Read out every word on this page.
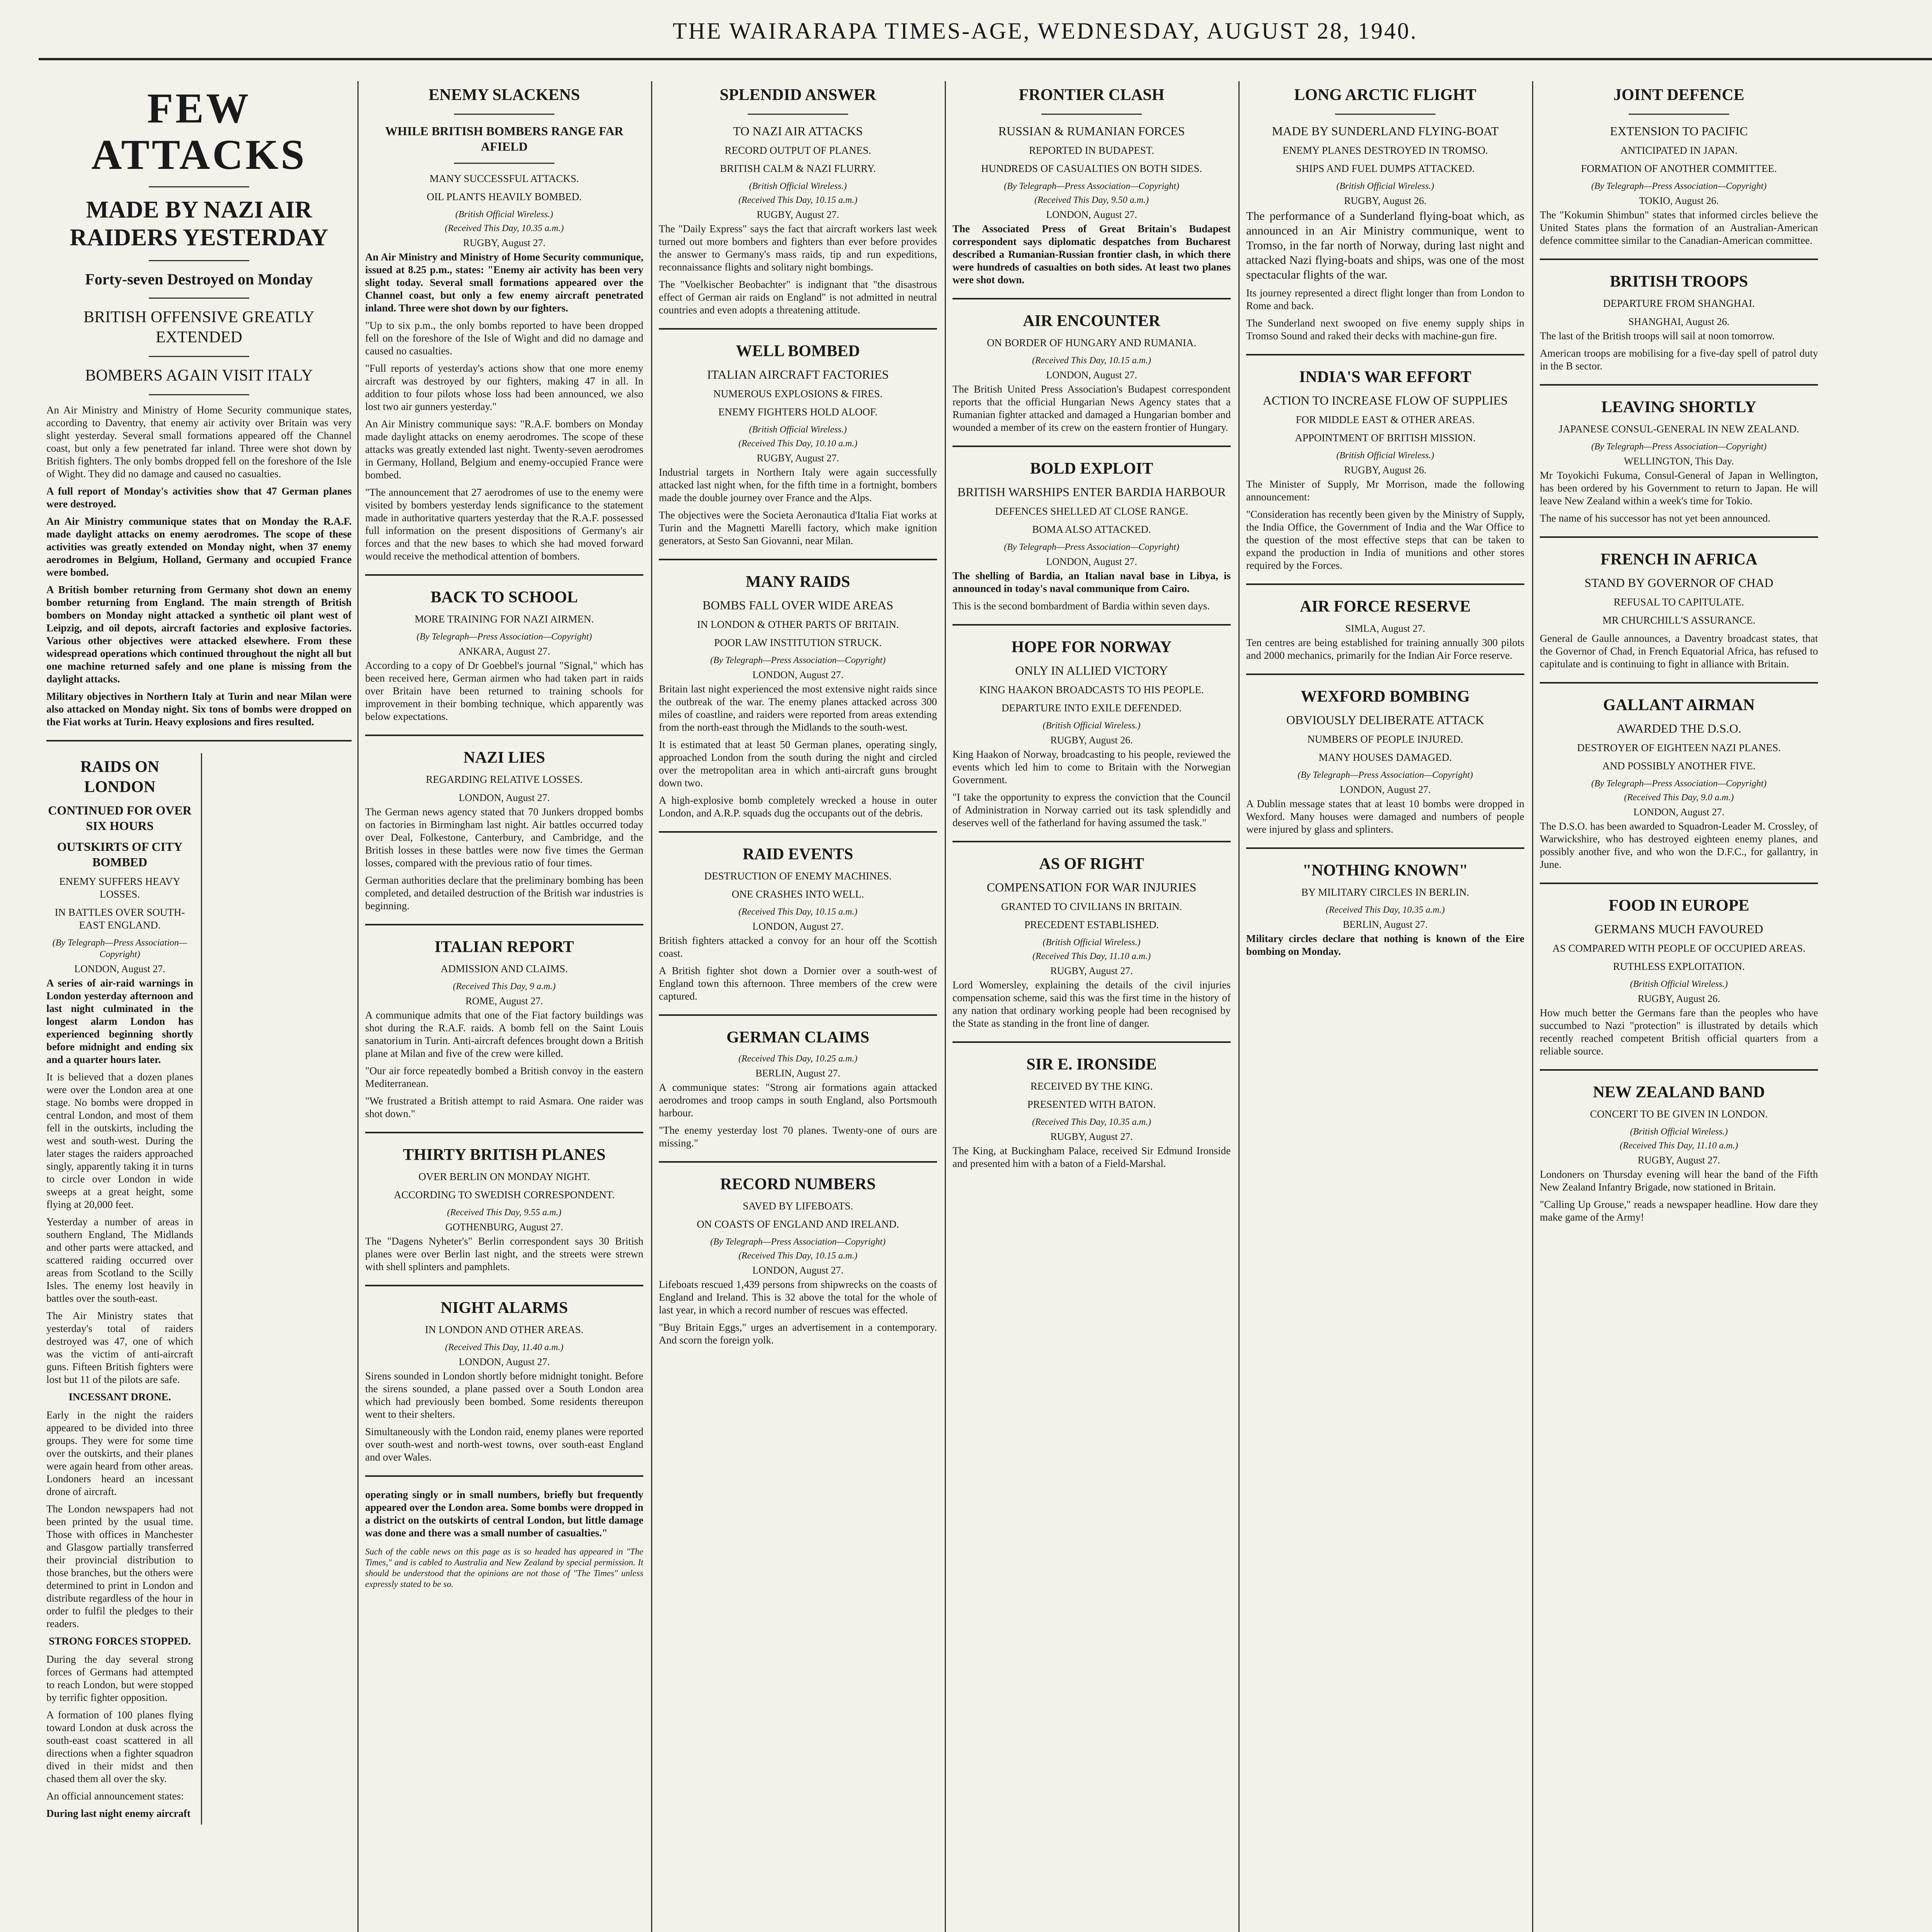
THE WAIRARAPA TIMES-AGE, WEDNESDAY, AUGUST 28, 1940.
FEW ATTACKS
MADE BY NAZI AIR RAIDERS YESTERDAY
Forty-seven Destroyed on Monday
BRITISH OFFENSIVE GREATLY EXTENDED
BOMBERS AGAIN VISIT ITALY

An Air Ministry and Ministry of Home Security communique states, according to Daventry, that enemy air activity over Britain was very slight yesterday. Several small formations appeared off the Channel coast, but only a few penetrated far inland. Three were shot down by British fighters. The only bombs dropped fell on the foreshore of the Isle of Wight. They did no damage and caused no casualties.

A full report of Monday's activities show that 47 German planes were destroyed.

An Air Ministry communique states that on Monday the R.A.F. made daylight attacks on enemy aerodromes. The scope of these activities was greatly extended on Monday night, when 37 enemy aerodromes in Belgium, Holland, Germany and occupied France were bombed.

A British bomber returning from Germany shot down an enemy bomber returning from England. The main strength of British bombers on Monday night attacked a synthetic oil plant west of Leipzig, and oil depots, aircraft factories and explosive factories. Various other objectives were attacked elsewhere. From these widespread operations which continued throughout the night all but one machine returned safely and one plane is missing from the daylight attacks.

Military objectives in Northern Italy at Turin and near Milan were also attacked on Monday night. Six tons of bombs were dropped on the Fiat works at Turin. Heavy explosions and fires resulted.

RAIDS ON LONDON
CONTINUED FOR OVER SIX HOURS
OUTSKIRTS OF CITY BOMBED
ENEMY SUFFERS HEAVY LOSSES.
IN BATTLES OVER SOUTH-EAST ENGLAND.
(By Telegraph—Press Association—Copyright)
LONDON, August 27.

A series of air-raid warnings in London yesterday afternoon and last night culminated in the longest alarm London has experienced beginning shortly before midnight and ending six and a quarter hours later.

It is believed that a dozen planes were over the London area at one stage. No bombs were dropped in central London, and most of them fell in the outskirts, including the west and south-west. During the later stages the raiders approached singly, apparently taking it in turns to circle over London in wide sweeps at a great height, some flying at 20,000 feet.

Yesterday a number of areas in southern England, The Midlands and other parts were attacked, and scattered raiding occurred over areas from Scotland to the Scilly Isles. The enemy lost heavily in battles over the south-east.

The Air Ministry states that yesterday's total of raiders destroyed was 47, one of which was the victim of anti-aircraft guns. Fifteen British fighters were lost but 11 of the pilots are safe.

INCESSANT DRONE.

Early in the night the raiders appeared to be divided into three groups. They were for some time over the outskirts, and their planes were again heard from other areas. Londoners heard an incessant drone of aircraft.

The London newspapers had not been printed by the usual time. Those with offices in Manchester and Glasgow partially transferred their provincial distribution to those branches, but the others were determined to print in London and distribute regardless of the hour in order to fulfil the pledges to their readers.

STRONG FORCES STOPPED.

During the day several strong forces of Germans had attempted to reach London, but were stopped by terrific fighter opposition.

A formation of 100 planes flying toward London at dusk across the south-east coast scattered in all directions when a fighter squadron dived in their midst and then chased them all over the sky.

An official announcement states:

During last night enemy aircraft

ENEMY SLACKENS
WHILE BRITISH BOMBERS RANGE FAR AFIELD
MANY SUCCESSFUL ATTACKS.
OIL PLANTS HEAVILY BOMBED.
(British Official Wireless.)
(Received This Day, 10.35 a.m.)
RUGBY, August 27.

An Air Ministry and Ministry of Home Security communique, issued at 8.25 p.m., states: "Enemy air activity has been very slight today. Several small formations appeared over the Channel coast, but only a few enemy aircraft penetrated inland. Three were shot down by our fighters.

"Up to six p.m., the only bombs reported to have been dropped fell on the foreshore of the Isle of Wight and did no damage and caused no casualties.

"Full reports of yesterday's actions show that one more enemy aircraft was destroyed by our fighters, making 47 in all. In addition to four pilots whose loss had been announced, we also lost two air gunners yesterday."

An Air Ministry communique says: "R.A.F. bombers on Monday made daylight attacks on enemy aerodromes. The scope of these attacks was greatly extended last night. Twenty-seven aerodromes in Germany, Holland, Belgium and enemy-occupied France were bombed.

"The announcement that 27 aerodromes of use to the enemy were visited by bombers yesterday lends significance to the statement made in authoritative quarters yesterday that the R.A.F. possessed full information on the present dispositions of Germany's air forces and that the new bases to which she had moved forward would receive the methodical attention of bombers.

BACK TO SCHOOL
MORE TRAINING FOR NAZI AIRMEN.
(By Telegraph—Press Association—Copyright)
ANKARA, August 27.

According to a copy of Dr Goebbel's journal "Signal," which has been received here, German airmen who had taken part in raids over Britain have been returned to training schools for improvement in their bombing technique, which apparently was below expectations.

NAZI LIES
REGARDING RELATIVE LOSSES.
LONDON, August 27.

The German news agency stated that 70 Junkers dropped bombs on factories in Birmingham last night. Air battles occurred today over Deal, Folkestone, Canterbury, and Cambridge, and the British losses in these battles were now five times the German losses, compared with the previous ratio of four times.

German authorities declare that the preliminary bombing has been completed, and detailed destruction of the British war industries is beginning.

ITALIAN REPORT
ADMISSION AND CLAIMS.
(Received This Day, 9 a.m.)
ROME, August 27.

A communique admits that one of the Fiat factory buildings was shot during the R.A.F. raids. A bomb fell on the Saint Louis sanatorium in Turin. Anti-aircraft defences brought down a British plane at Milan and five of the crew were killed.

"Our air force repeatedly bombed a British convoy in the eastern Mediterranean.

"We frustrated a British attempt to raid Asmara. One raider was shot down."

THIRTY BRITISH PLANES
OVER BERLIN ON MONDAY NIGHT.
ACCORDING TO SWEDISH CORRESPONDENT.
(Received This Day, 9.55 a.m.)
GOTHENBURG, August 27.

The "Dagens Nyheter's" Berlin correspondent says 30 British planes were over Berlin last night, and the streets were strewn with shell splinters and pamphlets.

NIGHT ALARMS
IN LONDON AND OTHER AREAS.
(Received This Day, 11.40 a.m.)
LONDON, August 27.

Sirens sounded in London shortly before midnight tonight. Before the sirens sounded, a plane passed over a South London area which had previously been bombed. Some residents thereupon went to their shelters.

Simultaneously with the London raid, enemy planes were reported over south-west and north-west towns, over south-east England and over Wales.

operating singly or in small numbers, briefly but frequently appeared over the London area. Some bombs were dropped in a district on the outskirts of central London, but little damage was done and there was a small number of casualties."

Such of the cable news on this page as is so headed has appeared in "The Times," and is cabled to Australia and New Zealand by special permission. It should be understood that the opinions are not those of "The Times" unless expressly stated to be so.

SPLENDID ANSWER
TO NAZI AIR ATTACKS
RECORD OUTPUT OF PLANES.
BRITISH CALM & NAZI FLURRY.
(British Official Wireless.)
(Received This Day, 10.15 a.m.)
RUGBY, August 27.

The "Daily Express" says the fact that aircraft workers last week turned out more bombers and fighters than ever before provides the answer to Germany's mass raids, tip and run expeditions, reconnaissance flights and solitary night bombings.

The "Voelkischer Beobachter" is indignant that "the disastrous effect of German air raids on England" is not admitted in neutral countries and even adopts a threatening attitude.

WELL BOMBED
ITALIAN AIRCRAFT FACTORIES
NUMEROUS EXPLOSIONS & FIRES.
ENEMY FIGHTERS HOLD ALOOF.
(British Official Wireless.)
(Received This Day, 10.10 a.m.)
RUGBY, August 27.

Industrial targets in Northern Italy were again successfully attacked last night when, for the fifth time in a fortnight, bombers made the double journey over France and the Alps.

The objectives were the Societa Aeronautica d'Italia Fiat works at Turin and the Magnetti Marelli factory, which make ignition generators, at Sesto San Giovanni, near Milan.

MANY RAIDS
BOMBS FALL OVER WIDE AREAS
IN LONDON & OTHER PARTS OF BRITAIN.
POOR LAW INSTITUTION STRUCK.
(By Telegraph—Press Association—Copyright)
LONDON, August 27.

Britain last night experienced the most extensive night raids since the outbreak of the war. The enemy planes attacked across 300 miles of coastline, and raiders were reported from areas extending from the north-east through the Midlands to the south-west.

It is estimated that at least 50 German planes, operating singly, approached London from the south during the night and circled over the metropolitan area in which anti-aircraft guns brought down two.

A high-explosive bomb completely wrecked a house in outer London, and A.R.P. squads dug the occupants out of the debris.

RAID EVENTS
DESTRUCTION OF ENEMY MACHINES.
ONE CRASHES INTO WELL.
(Received This Day, 10.15 a.m.)
LONDON, August 27.

British fighters attacked a convoy for an hour off the Scottish coast.

A British fighter shot down a Dornier over a south-west of England town this afternoon. Three members of the crew were captured.

GERMAN CLAIMS
(Received This Day, 10.25 a.m.)
BERLIN, August 27.

A communique states: "Strong air formations again attacked aerodromes and troop camps in south England, also Portsmouth harbour.

"The enemy yesterday lost 70 planes. Twenty-one of ours are missing."

RECORD NUMBERS
SAVED BY LIFEBOATS.
ON COASTS OF ENGLAND AND IRELAND.
(By Telegraph—Press Association—Copyright)
(Received This Day, 10.15 a.m.)
LONDON, August 27.

Lifeboats rescued 1,439 persons from shipwrecks on the coasts of England and Ireland. This is 32 above the total for the whole of last year, in which a record number of rescues was effected.

"Buy Britain Eggs," urges an advertisement in a contemporary. And scorn the foreign yolk.

FRONTIER CLASH
RUSSIAN & RUMANIAN FORCES
REPORTED IN BUDAPEST.
HUNDREDS OF CASUALTIES ON BOTH SIDES.
(By Telegraph—Press Association—Copyright)
(Received This Day, 9.50 a.m.)
LONDON, August 27.

The Associated Press of Great Britain's Budapest correspondent says diplomatic despatches from Bucharest described a Rumanian-Russian frontier clash, in which there were hundreds of casualties on both sides. At least two planes were shot down.

AIR ENCOUNTER
ON BORDER OF HUNGARY AND RUMANIA.
(Received This Day, 10.15 a.m.)
LONDON, August 27.

The British United Press Association's Budapest correspondent reports that the official Hungarian News Agency states that a Rumanian fighter attacked and damaged a Hungarian bomber and wounded a member of its crew on the eastern frontier of Hungary.

BOLD EXPLOIT
BRITISH WARSHIPS ENTER BARDIA HARBOUR
DEFENCES SHELLED AT CLOSE RANGE.
BOMA ALSO ATTACKED.
(By Telegraph—Press Association—Copyright)
LONDON, August 27.

The shelling of Bardia, an Italian naval base in Libya, is announced in today's naval communique from Cairo.

This is the second bombardment of Bardia within seven days.

HOPE FOR NORWAY
ONLY IN ALLIED VICTORY
KING HAAKON BROADCASTS TO HIS PEOPLE.
DEPARTURE INTO EXILE DEFENDED.
(British Official Wireless.)
RUGBY, August 26.

King Haakon of Norway, broadcasting to his people, reviewed the events which led him to come to Britain with the Norwegian Government.

"I take the opportunity to express the conviction that the Council of Administration in Norway carried out its task splendidly and deserves well of the fatherland for having assumed the task."

AS OF RIGHT
COMPENSATION FOR WAR INJURIES
GRANTED TO CIVILIANS IN BRITAIN.
PRECEDENT ESTABLISHED.
(British Official Wireless.)
(Received This Day, 11.10 a.m.)
RUGBY, August 27.

Lord Womersley, explaining the details of the civil injuries compensation scheme, said this was the first time in the history of any nation that ordinary working people had been recognised by the State as standing in the front line of danger.

SIR E. IRONSIDE
RECEIVED BY THE KING.
PRESENTED WITH BATON.
(Received This Day, 10.35 a.m.)
RUGBY, August 27.

The King, at Buckingham Palace, received Sir Edmund Ironside and presented him with a baton of a Field-Marshal.

LONG ARCTIC FLIGHT
MADE BY SUNDERLAND FLYING-BOAT
ENEMY PLANES DESTROYED IN TROMSO.
SHIPS AND FUEL DUMPS ATTACKED.
(British Official Wireless.)
RUGBY, August 26.

The performance of a Sunderland flying-boat which, as announced in an Air Ministry communique, went to Tromso, in the far north of Norway, during last night and attacked Nazi flying-boats and ships, was one of the most spectacular flights of the war.

Its journey represented a direct flight longer than from London to Rome and back.

The Sunderland next swooped on five enemy supply ships in Tromso Sound and raked their decks with machine-gun fire.

INDIA'S WAR EFFORT
ACTION TO INCREASE FLOW OF SUPPLIES
FOR MIDDLE EAST & OTHER AREAS.
APPOINTMENT OF BRITISH MISSION.
(British Official Wireless.)
RUGBY, August 26.

The Minister of Supply, Mr Morrison, made the following announcement:

"Consideration has recently been given by the Ministry of Supply, the India Office, the Government of India and the War Office to the question of the most effective steps that can be taken to expand the production in India of munitions and other stores required by the Forces.

AIR FORCE RESERVE
SIMLA, August 27.

Ten centres are being established for training annually 300 pilots and 2000 mechanics, primarily for the Indian Air Force reserve.

WEXFORD BOMBING
OBVIOUSLY DELIBERATE ATTACK
NUMBERS OF PEOPLE INJURED.
MANY HOUSES DAMAGED.
(By Telegraph—Press Association—Copyright)
LONDON, August 27.

A Dublin message states that at least 10 bombs were dropped in Wexford. Many houses were damaged and numbers of people were injured by glass and splinters.

"NOTHING KNOWN"
BY MILITARY CIRCLES IN BERLIN.
(Received This Day, 10.35 a.m.)
BERLIN, August 27.

Military circles declare that nothing is known of the Eire bombing on Monday.

JOINT DEFENCE
EXTENSION TO PACIFIC
ANTICIPATED IN JAPAN.
FORMATION OF ANOTHER COMMITTEE.
(By Telegraph—Press Association—Copyright)
TOKIO, August 26.

The "Kokumin Shimbun" states that informed circles believe the United States plans the formation of an Australian-American defence committee similar to the Canadian-American committee.

BRITISH TROOPS
DEPARTURE FROM SHANGHAI.
SHANGHAI, August 26.

The last of the British troops will sail at noon tomorrow.

American troops are mobilising for a five-day spell of patrol duty in the B sector.

LEAVING SHORTLY
JAPANESE CONSUL-GENERAL IN NEW ZEALAND.
(By Telegraph—Press Association—Copyright)
WELLINGTON, This Day.

Mr Toyokichi Fukuma, Consul-General of Japan in Wellington, has been ordered by his Government to return to Japan. He will leave New Zealand within a week's time for Tokio.

The name of his successor has not yet been announced.

FRENCH IN AFRICA
STAND BY GOVERNOR OF CHAD
REFUSAL TO CAPITULATE.
MR CHURCHILL'S ASSURANCE.

General de Gaulle announces, a Daventry broadcast states, that the Governor of Chad, in French Equatorial Africa, has refused to capitulate and is continuing to fight in alliance with Britain.

GALLANT AIRMAN
AWARDED THE D.S.O.
DESTROYER OF EIGHTEEN NAZI PLANES.
AND POSSIBLY ANOTHER FIVE.
(By Telegraph—Press Association—Copyright)
(Received This Day, 9.0 a.m.)
LONDON, August 27.

The D.S.O. has been awarded to Squadron-Leader M. Crossley, of Warwickshire, who has destroyed eighteen enemy planes, and possibly another five, and who won the D.F.C., for gallantry, in June.

FOOD IN EUROPE
GERMANS MUCH FAVOURED
AS COMPARED WITH PEOPLE OF OCCUPIED AREAS.
RUTHLESS EXPLOITATION.
(British Official Wireless.)
RUGBY, August 26.

How much better the Germans fare than the peoples who have succumbed to Nazi "protection" is illustrated by details which recently reached competent British official quarters from a reliable source.

NEW ZEALAND BAND
CONCERT TO BE GIVEN IN LONDON.
(British Official Wireless.)
(Received This Day, 11.10 a.m.)
RUGBY, August 27.

Londoners on Thursday evening will hear the band of the Fifth New Zealand Infantry Brigade, now stationed in Britain.

"Calling Up Grouse," reads a newspaper headline. How dare they make game of the Army!
